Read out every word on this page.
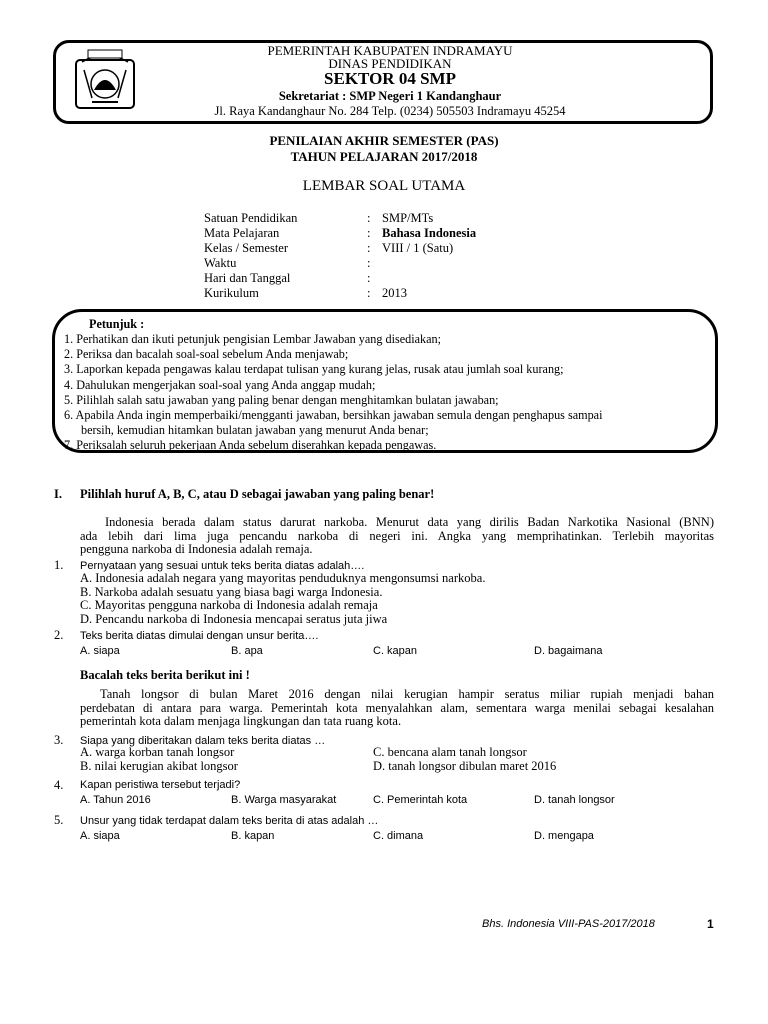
PEMERINTAH KABUPATEN INDRAMAYU
DINAS PENDIDIKAN
SEKTOR 04 SMP
Sekretariat : SMP Negeri 1 Kandanghaur
Jl. Raya Kandanghaur No. 284 Telp. (0234) 505503 Indramayu 45254
PENILAIAN AKHIR SEMESTER (PAS)
TAHUN PELAJARAN 2017/2018
LEMBAR SOAL UTAMA
Satuan Pendidikan	: SMP/MTs
Mata Pelajaran	: Bahasa Indonesia
Kelas / Semester	: VIII / 1 (Satu)
Waktu	:
Hari dan Tanggal	:
Kurikulum	: 2013
Petunjuk :
1. Perhatikan dan ikuti petunjuk pengisian Lembar Jawaban yang disediakan;
2. Periksa dan bacalah soal-soal sebelum Anda menjawab;
3. Laporkan kepada pengawas kalau terdapat tulisan yang kurang jelas, rusak atau jumlah soal kurang;
4. Dahulukan mengerjakan soal-soal yang Anda anggap mudah;
5. Pilihlah salah satu jawaban yang paling benar dengan menghitamkan bulatan jawaban;
6. Apabila Anda ingin memperbaiki/mengganti jawaban, bersihkan jawaban semula dengan penghapus sampai
bersih, kemudian hitamkan bulatan jawaban yang menurut Anda benar;
7. Periksalah seluruh pekerjaan Anda sebelum diserahkan kepada pengawas.
I. Pilihlah huruf A, B, C, atau D sebagai jawaban yang paling benar!
Indonesia berada dalam status darurat narkoba. Menurut data yang dirilis Badan Narkotika Nasional (BNN)
ada lebih dari lima juga pencandu narkoba di negeri ini. Angka yang memprihatinkan. Terlebih mayoritas
pengguna narkoba di Indonesia adalah remaja.
1. Pernyataan yang sesuai untuk teks berita diatas adalah….
A. Indonesia adalah negara yang mayoritas penduduknya mengonsumsi narkoba.
B. Narkoba adalah sesuatu yang biasa bagi warga Indonesia.
C. Mayoritas pengguna narkoba di Indonesia adalah remaja
D. Pencandu narkoba di Indonesia mencapai seratus juta jiwa
2. Teks berita diatas dimulai dengan unsur berita….
A. siapa	B. apa	C. kapan	D. bagaimana
Bacalah teks berita berikut ini !
Tanah longsor di bulan Maret 2016 dengan nilai kerugian hampir seratus miliar rupiah menjadi bahan
perdebatan di antara para warga. Pemerintah kota menyalahkan alam, sementara warga menilai sebagai kesalahan
pemerintah kota dalam menjaga lingkungan dan tata ruang kota.
3. Siapa yang diberitakan dalam teks berita diatas …
A. warga korban tanah longsor	C. bencana alam tanah longsor
B. nilai kerugian akibat longsor	D. tanah longsor dibulan maret 2016
4. Kapan peristiwa tersebut terjadi?
A. Tahun 2016	B. Warga masyarakat	C. Pemerintah kota	D. tanah longsor
5. Unsur yang tidak terdapat dalam teks berita di atas adalah …
A. siapa	B. kapan	C. dimana	D. mengapa
Bhs. Indonesia VIII-PAS-2017/2018	1
